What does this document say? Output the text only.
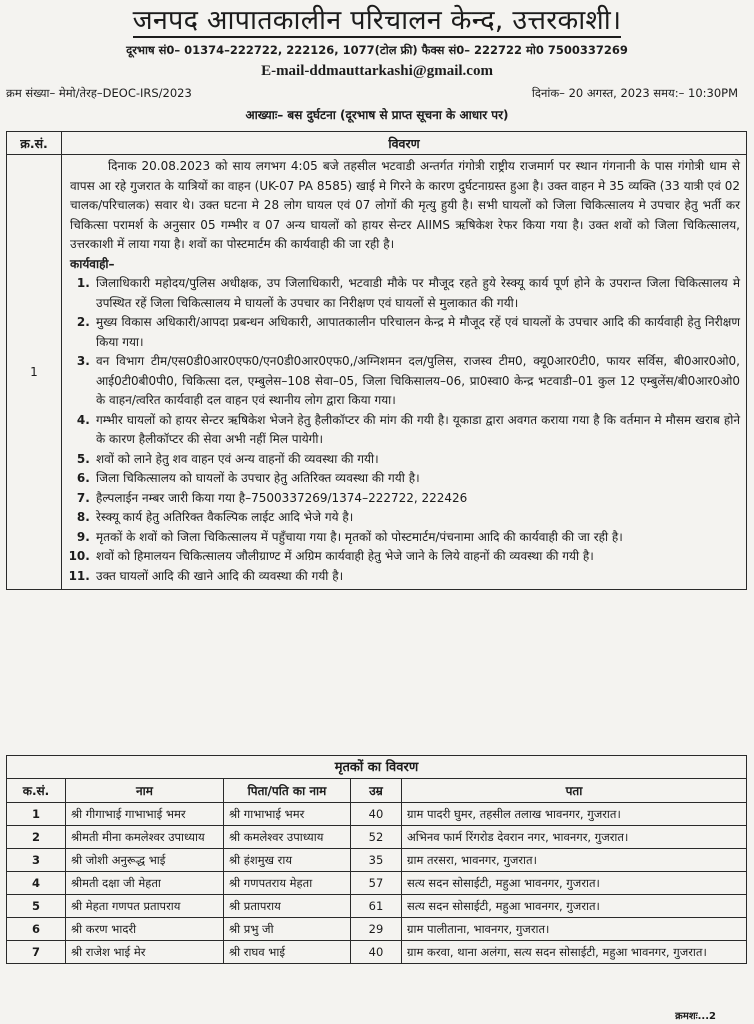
जनपद आपातकालीन परिचालन केन्द, उत्तरकाशी।
दूरभाष सं0– 01374–222722, 222126, 1077(टोल फ्री) फैक्स सं0– 222722 मो0 7500337269
E-mail-ddmauttarkashi@gmail.com
क्रम संख्या– मेमो/तेरह–DEOC-IRS/2023	दिनांक– 20 अगस्त, 2023 समय:– 10:30PM
आख्याः– बस दुर्घटना (दूरभाष से प्राप्त सूचना के आधार पर)
क्र.सं.	विवरण
1	

दिनाक 20.08.2023 को साय लगभग 4:05 बजे तहसील भटवाडी अन्तर्गत गंगोत्री राष्ट्रीय राजमार्ग पर स्थान गंगनानी के पास गंगोत्री धाम से वापस आ रहे गुजरात के यात्रियों का वाहन (UK-07 PA 8585) खाई मे गिरने के कारण दुर्घटनाग्रस्त हुआ है। उक्त वाहन मे 35 व्यक्ति (33 यात्री एवं 02 चालक/परिचालक) सवार थे। उक्त घटना मे 28 लोग घायल एवं 07 लोगों की मृत्यु हुयी है। सभी घायलों को जिला चिकित्सालय मे उपचार हेतु भर्ती कर चिकित्सा परामर्श के अनुसार 05 गम्भीर व 07 अन्य घायलों को हायर सेन्टर AIIMS ऋषिकेश रेफर किया गया है। उक्त शवों को जिला चिकित्सालय, उत्तरकाशी में लाया गया है। शवों का पोस्टमार्टम की कार्यवाही की जा रही है।

कार्यवाही–

1. जिलाधिकारी महोदय/पुलिस अधीक्षक, उप जिलाधिकारी, भटवाडी मौके पर मौजूद रहते हुये रेस्क्यू कार्य पूर्ण होने के उपरान्त जिला चिकित्सालय मे उपस्थित रहें जिला चिकित्सालय मे घायलों के उपचार का निरीक्षण एवं घायलों से मुलाकात की गयी।
2. मुख्य विकास अधिकारी/आपदा प्रबन्धन अधिकारी, आपातकालीन परिचालन केन्द्र मे मौजूद रहें एवं घायलों के उपचार आदि की कार्यवाही हेतु निरीक्षण किया गया।
3. वन विभाग टीम/एस0डी0आर0एफ0/एन0डी0आर0एफ0,/अग्निशमन दल/पुलिस, राजस्व टीम0, क्यू0आर0टी0, फायर सर्विस, बी0आर0ओ0, आई0टी0बी0पी0, चिकित्सा दल, एम्बुलेस–108 सेवा–05, जिला चिकिसालय–06, प्रा0स्वा0 केन्द्र भटवाडी–01 कुल 12 एम्बुलेंस/बी0आर0ओ0 के वाहन/त्वरित कार्यवाही दल वाहन एवं स्थानीय लोग द्वारा किया गया।
4. गम्भीर घायलों को हायर सेन्टर ऋषिकेश भेजने हेतु हैलीकॉप्टर की मांग की गयी है। यूकाडा द्वारा अवगत कराया गया है कि वर्तमान मे मौसम खराब होने के कारण हैलीकॉप्टर की सेवा अभी नहीं मिल पायेगी।
5. शवों को लाने हेतु शव वाहन एवं अन्य वाहनों की व्यवस्था की गयी।
6. जिला चिकित्सालय को घायलों के उपचार हेतु अतिरिक्त व्यवस्था की गयी है।
7. हैल्पलाईन नम्बर जारी किया गया है–7500337269/1374–222722, 222426
8. रेस्क्यू कार्य हेतु अतिरिक्त वैकल्पिक लाईट आदि भेजे गये है।
9. मृतकों के शवों को जिला चिकित्सालय में पहुँचाया गया है। मृतकों को पोस्टमार्टम/पंचनामा आदि की कार्यवाही की जा रही है।
10. शवों को हिमालयन चिकित्सालय जौलीग्राण्ट में अग्रिम कार्यवाही हेतु भेजे जाने के लिये वाहनों की व्यवस्था की गयी है।
11. उक्त घायलों आदि की खाने आदि की व्यवस्था की गयी है।
मृतकों का विवरण				
क.सं.	नाम	पिता/पति का नाम	उम्र	पता
1	श्री गीगाभाई गाभाभाई भमर	श्री गाभाभाई भमर	40	ग्राम पादरी घुमर, तहसील तलाख भावनगर, गुजरात।
2	श्रीमती मीना कमलेश्वर उपाध्याय	श्री कमलेश्वर उपाध्याय	52	अभिनव फार्म रिंगरोड देवरान नगर, भावनगर, गुजरात।
3	श्री जोशी अनुरूद्ध भाई	श्री हंशमुख राय	35	ग्राम तरसरा, भावनगर, गुजरात।
4	श्रीमती दक्षा जी मेहता	श्री गणपतराय मेहता	57	सत्य सदन सोसाईटी, महुआ भावनगर, गुजरात।
5	श्री मेहता गणपत प्रतापराय	श्री प्रतापराय	61	सत्य सदन सोसाईटी, महुआ भावनगर, गुजरात।
6	श्री करण भादरी	श्री प्रभु जी	29	ग्राम पालीताना, भावनगर, गुजरात।
7	श्री राजेश भाई मेर	श्री राघव भाई	40	ग्राम करवा, थाना अलंगा, सत्य सदन सोसाईटी, महुआ भावनगर, गुजरात।
क्रमशः...2
